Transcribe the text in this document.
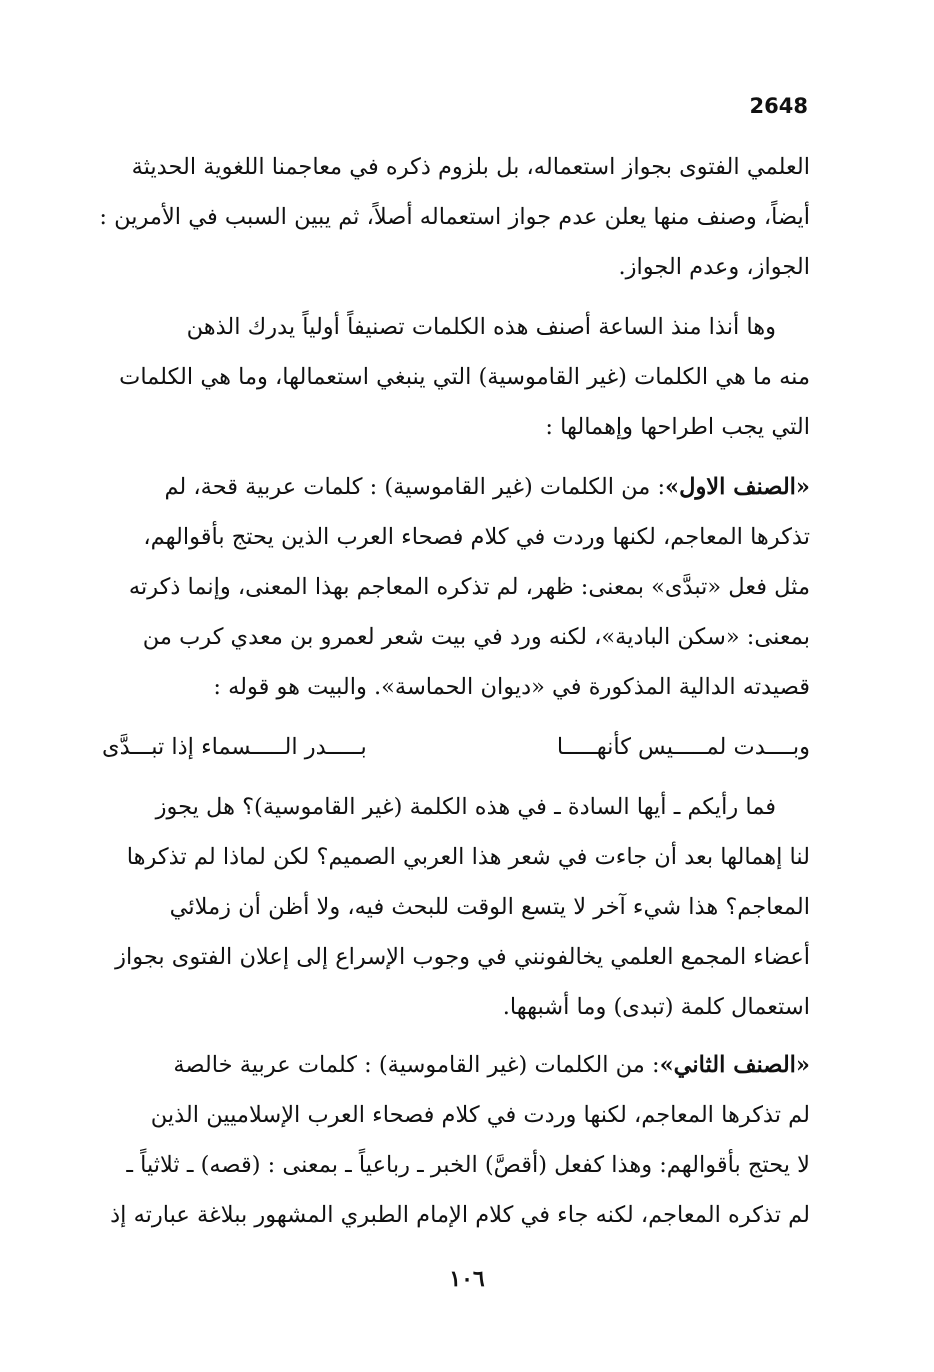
2648
العلمي الفتوى بجواز استعماله، بل بلزوم ذكره في معاجمنا اللغوية الحديثة
أيضاً، وصنف منها يعلن عدم جواز استعماله أصلاً، ثم يبين السبب في الأمرين :
الجواز، وعدم الجواز.
وها أنذا منذ الساعة أصنف هذه الكلمات تصنيفاً أولياً يدرك الذهن
منه ما هي الكلمات (غير القاموسية) التي ينبغي استعمالها، وما هي الكلمات
التي يجب اطراحها وإهمالها :
«الصنف الاول»: من الكلمات (غير القاموسية) : كلمات عربية قحة، لم
تذكرها المعاجم، لكنها وردت في كلام فصحاء العرب الذين يحتج بأقوالهم،
مثل فعل «تبدَّى» بمعنى: ظهر، لم تذكره المعاجم بهذا المعنى، وإنما ذكرته
بمعنى: «سكن البادية»، لكنه ورد في بيت شعر لعمرو بن معدي كرب من
قصيدته الدالية المذكورة في «ديوان الحماسة». والبيت هو قوله :
وبــــدت لمـــــيس كأنهـــــا
بـــــدر الـــــسماء إذا تبـــدَّى
فما رأيكم ـ أيها السادة ـ في هذه الكلمة (غير القاموسية)؟ هل يجوز
لنا إهمالها بعد أن جاءت في شعر هذا العربي الصميم؟ لكن لماذا لم تذكرها
المعاجم؟ هذا شيء آخر لا يتسع الوقت للبحث فيه، ولا أظن أن زملائي
أعضاء المجمع العلمي يخالفونني في وجوب الإسراع إلى إعلان الفتوى بجواز
استعمال كلمة (تبدى) وما أشبهها.
«الصنف الثاني»: من الكلمات (غير القاموسية) : كلمات عربية خالصة
لم تذكرها المعاجم، لكنها وردت في كلام فصحاء العرب الإسلاميين الذين
لا يحتج بأقوالهم: وهذا كفعل (أقصَّ) الخبر ـ رباعياً ـ بمعنى : (قصه) ـ ثلاثياً ـ
لم تذكره المعاجم، لكنه جاء في كلام الإمام الطبري المشهور ببلاغة عبارته إذ
١٠٦
